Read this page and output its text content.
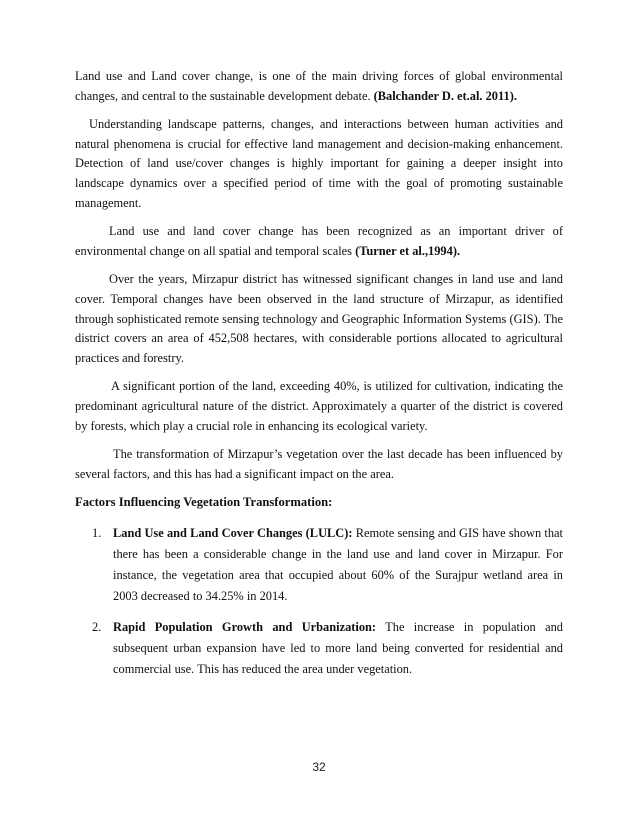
Land use and Land cover change, is one of the main driving forces of global environmental changes, and central to the sustainable development debate. (Balchander D. et.al. 2011).

Understanding landscape patterns, changes, and interactions between human activities and natural phenomena is crucial for effective land management and decision-making enhancement. Detection of land use/cover changes is highly important for gaining a deeper insight into landscape dynamics over a specified period of time with the goal of promoting sustainable management.

Land use and land cover change has been recognized as an important driver of environmental change on all spatial and temporal scales (Turner et al.,1994).

Over the years, Mirzapur district has witnessed significant changes in land use and land cover. Temporal changes have been observed in the land structure of Mirzapur, as identified through sophisticated remote sensing technology and Geographic Information Systems (GIS). The district covers an area of 452,508 hectares, with considerable portions allocated to agricultural practices and forestry.

A significant portion of the land, exceeding 40%, is utilized for cultivation, indicating the predominant agricultural nature of the district. Approximately a quarter of the district is covered by forests, which play a crucial role in enhancing its ecological variety.

The transformation of Mirzapur’s vegetation over the last decade has been influenced by several factors, and this has had a significant impact on the area.

Factors Influencing Vegetation Transformation:
1. Land Use and Land Cover Changes (LULC): Remote sensing and GIS have shown that there has been a considerable change in the land use and land cover in Mirzapur. For instance, the vegetation area that occupied about 60% of the Surajpur wetland area in 2003 decreased to 34.25% in 2014.
2. Rapid Population Growth and Urbanization: The increase in population and subsequent urban expansion have led to more land being converted for residential and commercial use. This has reduced the area under vegetation.
32
